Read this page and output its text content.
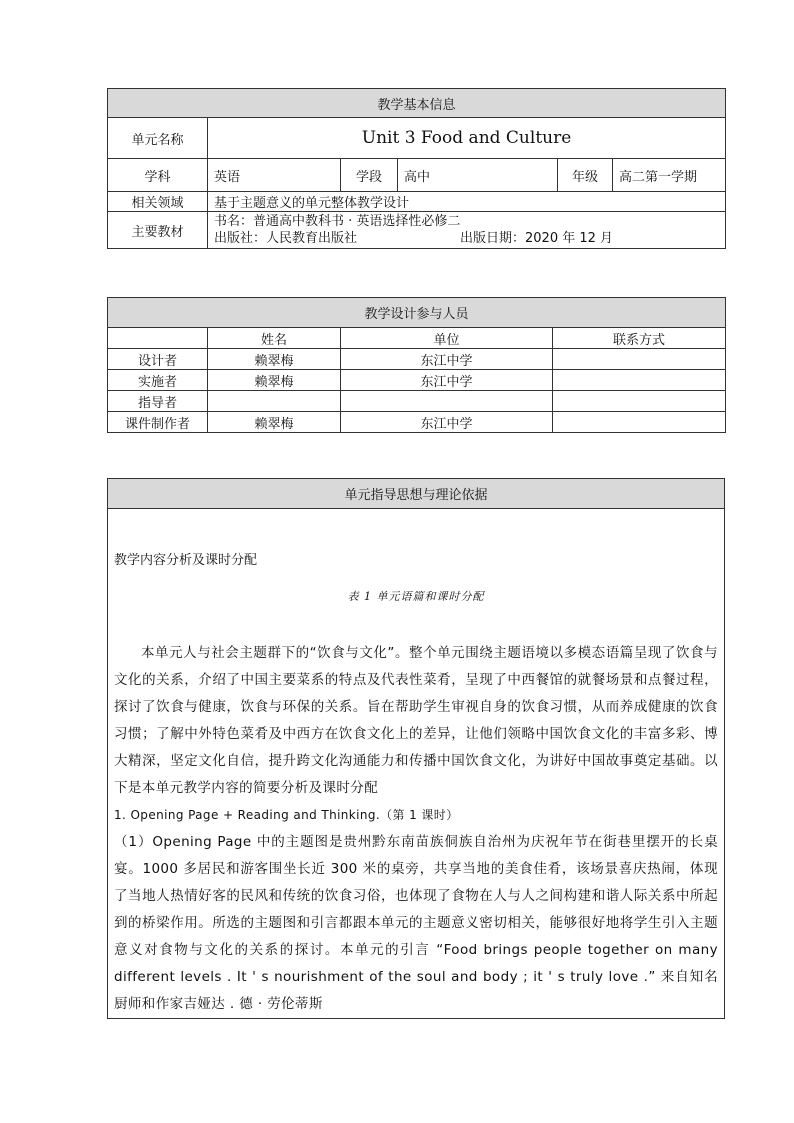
教学基本信息					
单元名称	Unit 3 Food and Culture				
学科	英语	学段	高中	年级	高二第一学期
相关领域	基于主题意义的单元整体教学设计				
主要教材	书名：普通高中教科书 · 英语选择性必修二
出版社：人民教育出版社 出版日期：2020 年 12 月				
教学设计参与人员			
	姓名	单位	联系方式
设计者	赖翠梅	东江中学	
实施者	赖翠梅	东江中学	
指导者			
课件制作者	赖翠梅	东江中学	
单元指导思想与理论依据

教学内容分析及课时分配
表 1 单元语篇和课时分配
本单元人与社会主题群下的“饮食与文化”。整个单元围绕主题语境以多模态语篇呈现了饮食与文化的关系，介绍了中国主要菜系的特点及代表性菜肴，呈现了中西餐馆的就餐场景和点餐过程，探讨了饮食与健康，饮食与环保的关系。旨在帮助学生审视自身的饮食习惯，从而养成健康的饮食习惯；了解中外特色菜肴及中西方在饮食文化上的差异，让他们领略中国饮食文化的丰富多彩、博大精深，坚定文化自信，提升跨文化沟通能力和传播中国饮食文化，为讲好中国故事奠定基础。以下是本单元教学内容的简要分析及课时分配
1. Opening Page + Reading and Thinking.（第 1 课时）
（1）Opening Page 中的主题图是贵州黔东南苗族侗族自治州为庆祝年节在街巷里摆开的长桌宴。1000 多居民和游客围坐长近 300 米的桌旁，共享当地的美食佳肴，该场景喜庆热闹，体现了当地人热情好客的民风和传统的饮食习俗，也体现了食物在人与人之间构建和谐人际关系中所起到的桥梁作用。所选的主题图和引言都跟本单元的主题意义密切相关，能够很好地将学生引入主题意义对食物与文化的关系的探讨。本单元的引言 “Food brings people together on many different levels . It ' s nourishment of the soul and body ; it ' s truly love .” 来自知名厨师和作家吉娅达 . 德 · 劳伦蒂斯
